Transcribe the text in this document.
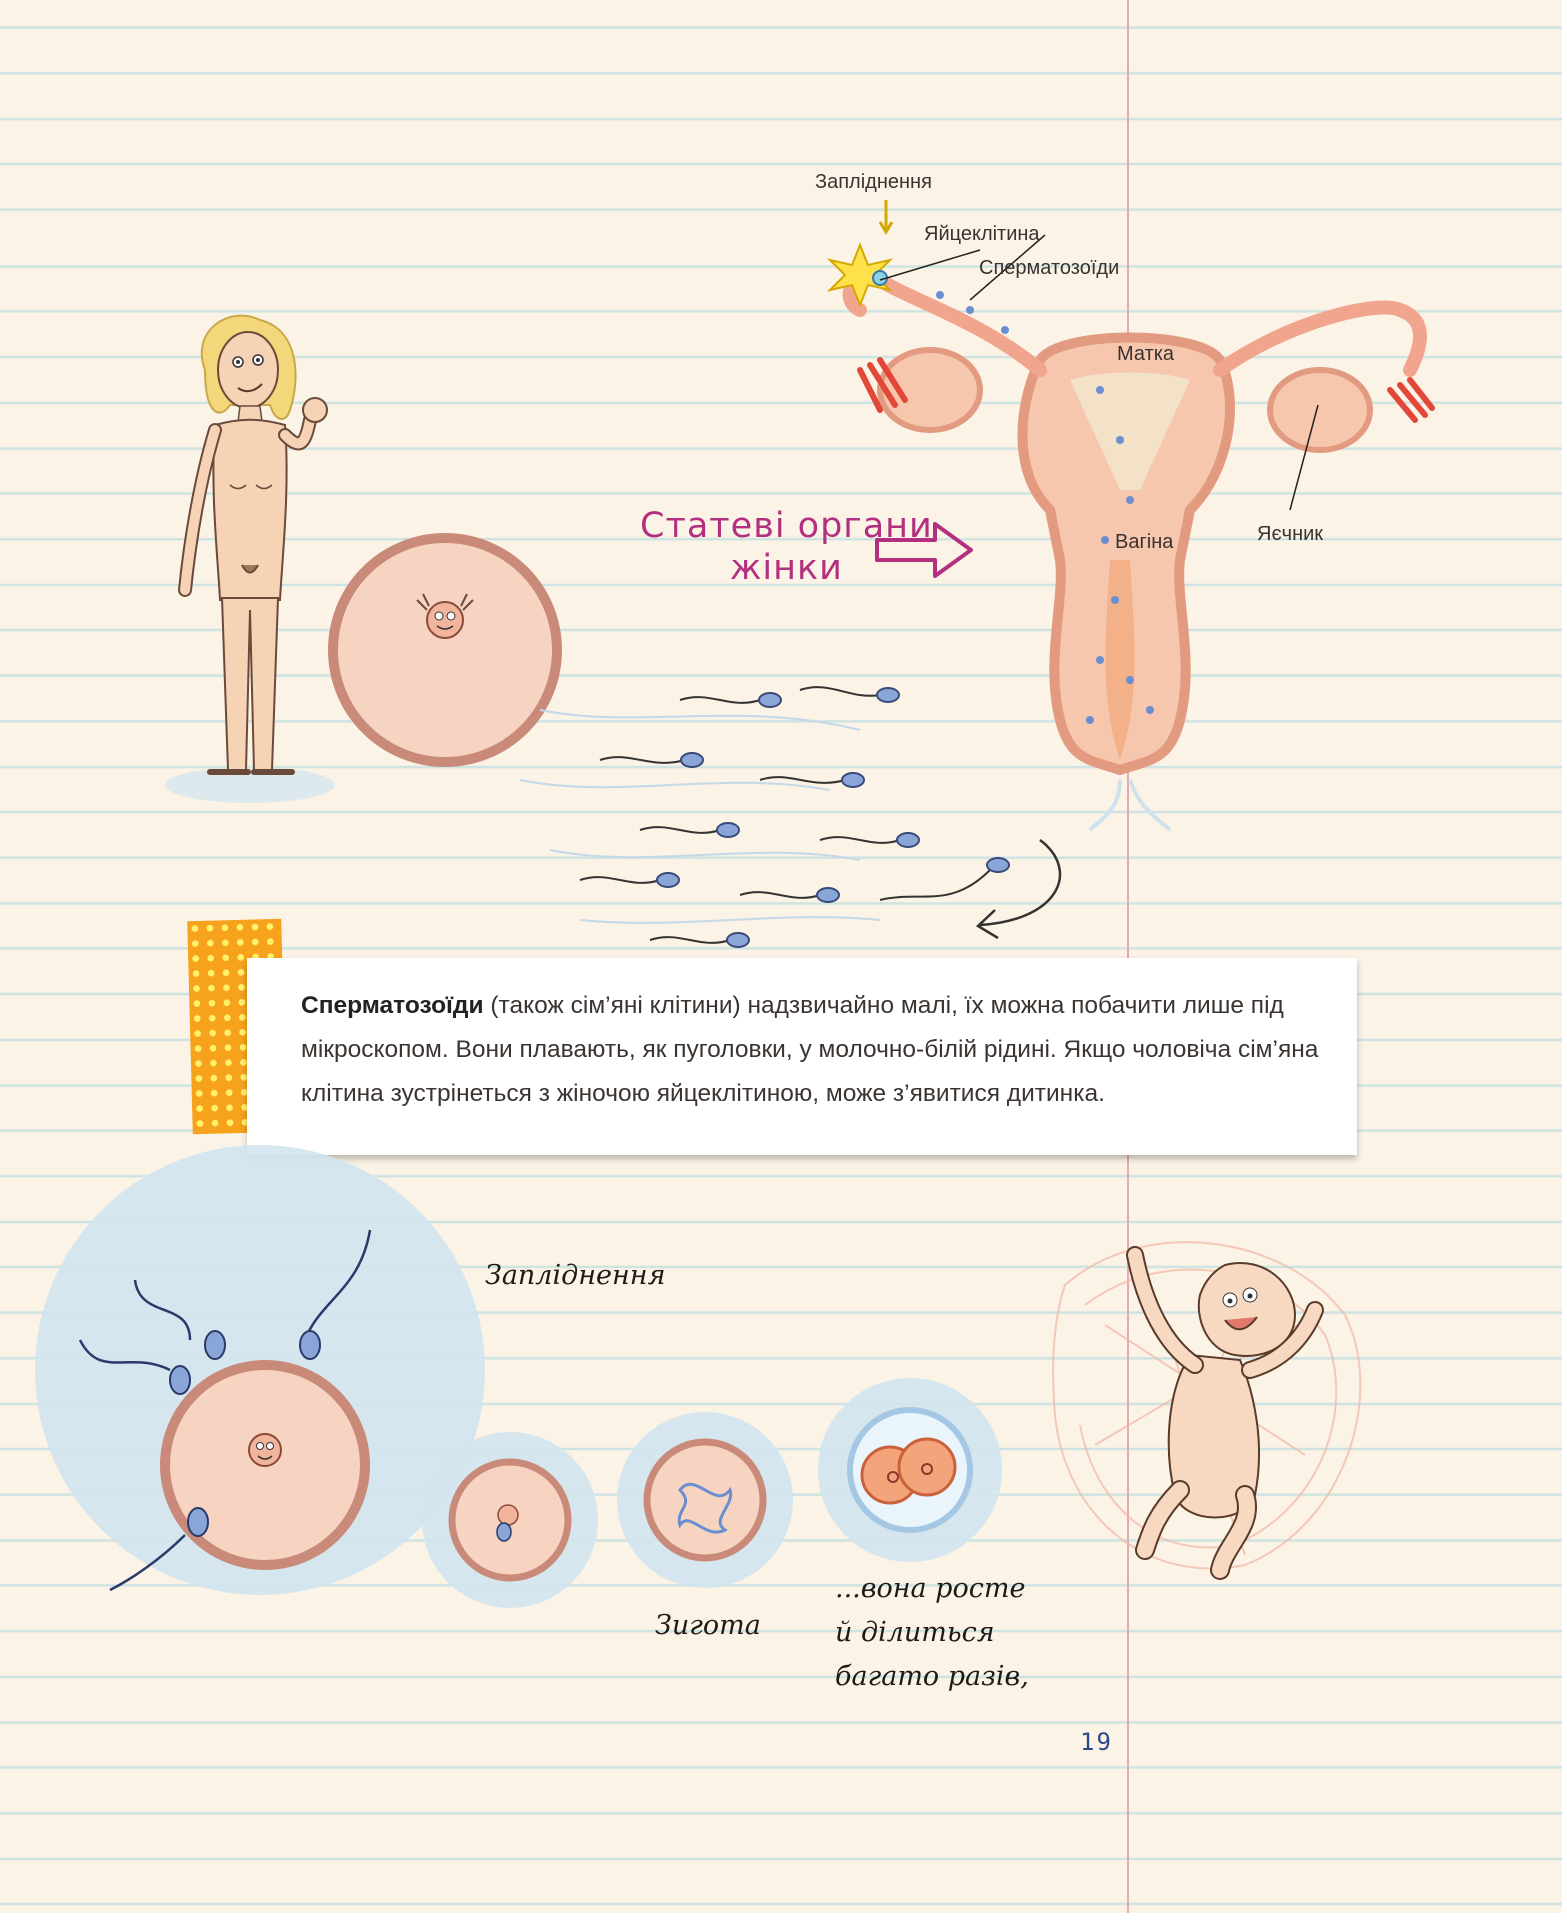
Статеві органи
жінки
Запліднення
Яйцеклітина
Сперматозоїди
Матка
Вагіна	Яєчник

Сперматозоїди (також сім’яні клітини) надзвичайно малі, їх можна побачити лише під мікроскопом. Вони плавають, як пуголовки, у молочно-білій рідині. Якщо чоловіча сім’яна клітина зустрінеться з жіночою яйцеклітиною, може з’явитися дитинка.

Запліднення
Зигота
...вона росте
й ділиться
багато разів,
19
